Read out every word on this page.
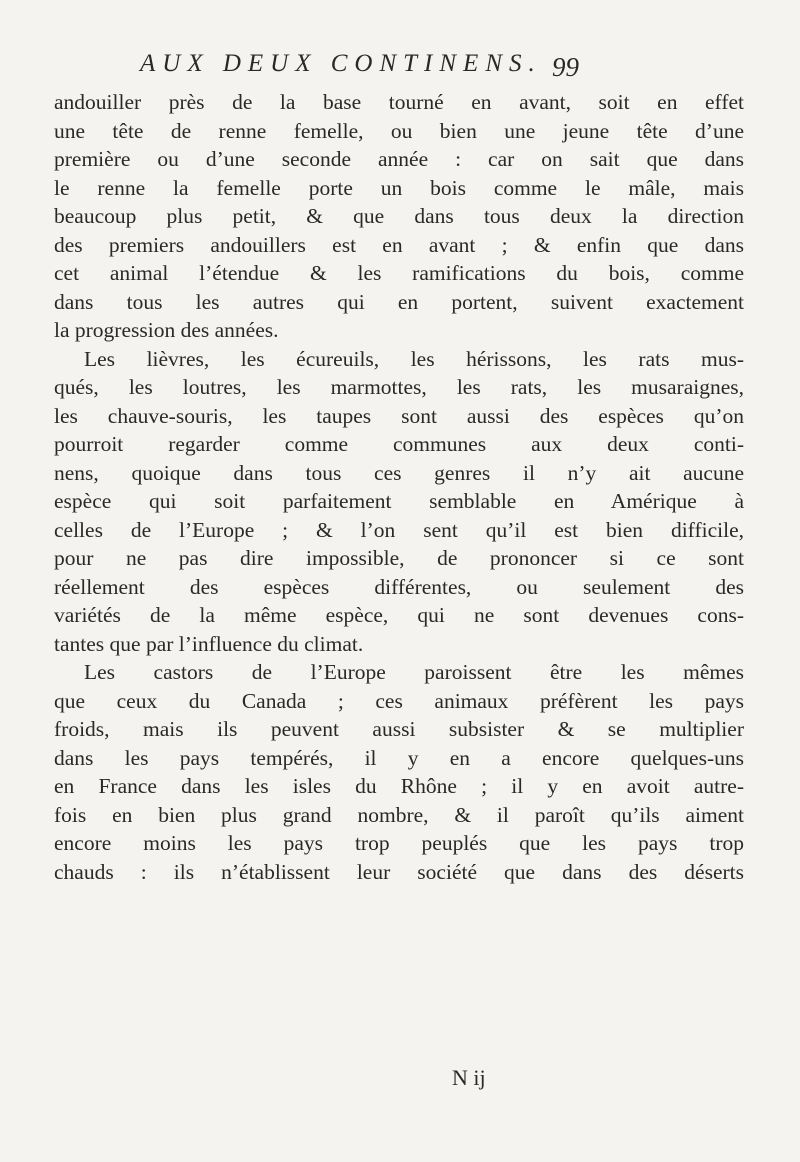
AUX DEUX CONTINENS. 99
andouiller près de la base tourné en avant, soit en effet
une tête de renne femelle, ou bien une jeune tête d’une
première ou d’une seconde année : car on sait que dans
le renne la femelle porte un bois comme le mâle, mais
beaucoup plus petit, & que dans tous deux la direction
des premiers andouillers est en avant ; & enfin que dans
cet animal l’étendue & les ramifications du bois, comme
dans tous les autres qui en portent, suivent exactement
la progression des années.
Les lièvres, les écureuils, les hérissons, les rats mus-
qués, les loutres, les marmottes, les rats, les musaraignes,
les chauve-souris, les taupes sont aussi des espèces qu’on
pourroit regarder comme communes aux deux conti-
nens, quoique dans tous ces genres il n’y ait aucune
espèce qui soit parfaitement semblable en Amérique à
celles de l’Europe ; & l’on sent qu’il est bien difficile,
pour ne pas dire impossible, de prononcer si ce sont
réellement des espèces différentes, ou seulement des
variétés de la même espèce, qui ne sont devenues cons-
tantes que par l’influence du climat.
Les castors de l’Europe paroissent être les mêmes
que ceux du Canada ; ces animaux préfèrent les pays
froids, mais ils peuvent aussi subsister & se multiplier
dans les pays tempérés, il y en a encore quelques-uns
en France dans les isles du Rhône ; il y en avoit autre-
fois en bien plus grand nombre, & il paroît qu’ils aiment
encore moins les pays trop peuplés que les pays trop
chauds : ils n’établissent leur société que dans des déserts
N ij
